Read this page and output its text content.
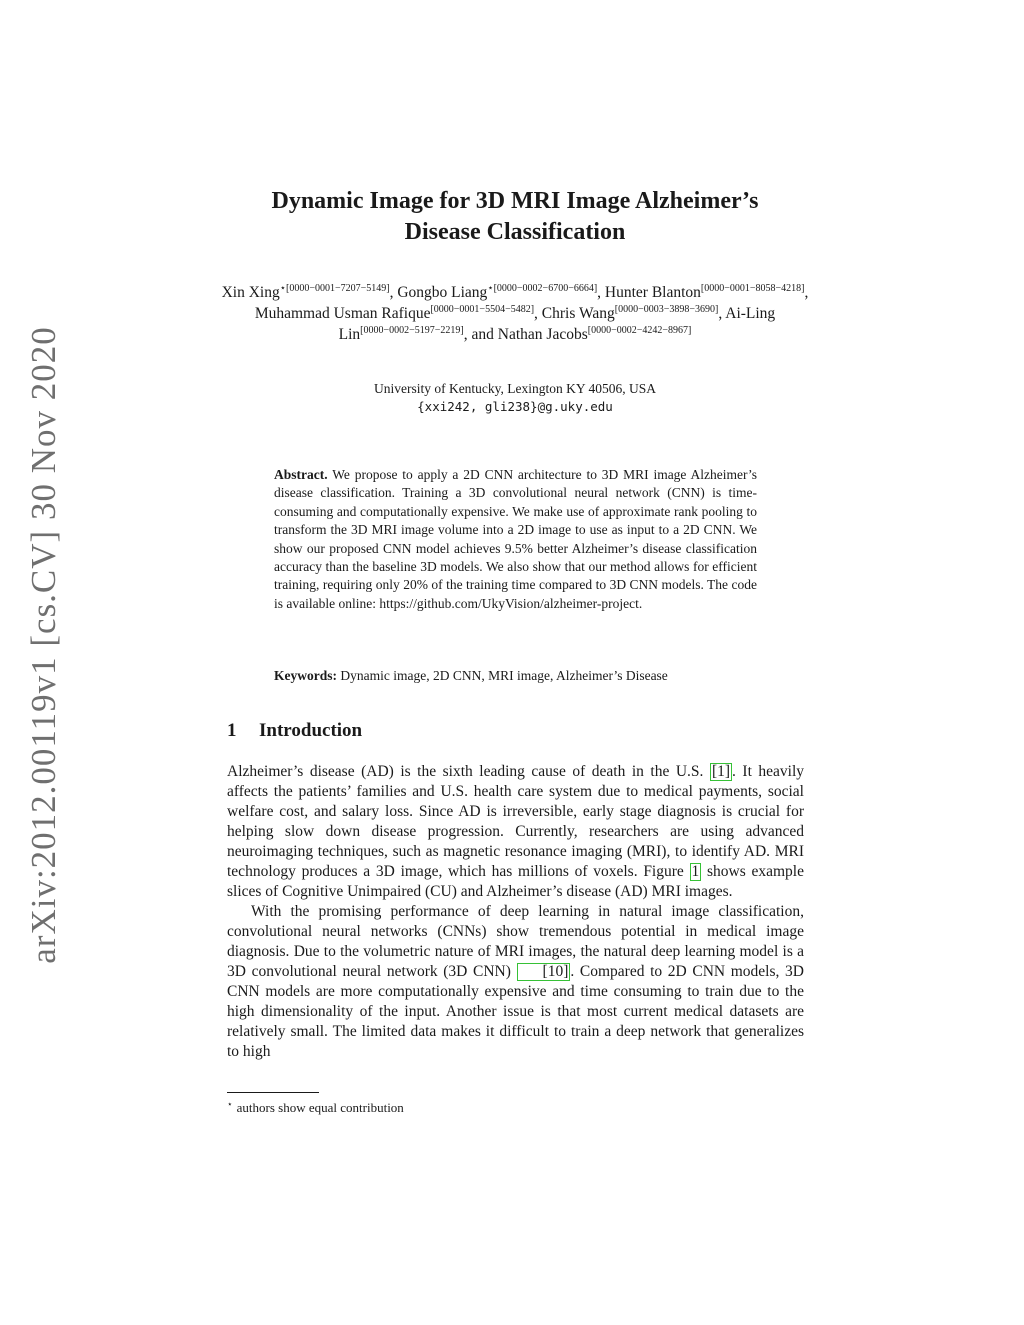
arXiv:2012.00119v1 [cs.CV] 30 Nov 2020
Dynamic Image for 3D MRI Image Alzheimer’s
Disease Classification
Xin Xing$^{⋆[0000-0001-7207-5149]}$, Gongbo Liang$^{⋆[0000-0002-6700-6664]}$, Hunter Blanton[0000−0001−8058−4218], Muhammad Usman Rafique[0000−0001−5504−5482], Chris Wang[0000−0003−3898−3690], Ai-Ling Lin[0000−0002−5197−2219], and Nathan Jacobs[0000−0002−4242−8967]
University of Kentucky, Lexington KY 40506, USA
{xxi242, gli238}@g.uky.edu
Abstract. We propose to apply a 2D CNN architecture to 3D MRI image Alzheimer’s disease classification. Training a 3D convolutional neural network (CNN) is time-consuming and computationally expensive. We make use of approximate rank pooling to transform the 3D MRI image volume into a 2D image to use as input to a 2D CNN. We show our proposed CNN model achieves 9.5% better Alzheimer’s disease classification accuracy than the baseline 3D models. We also show that our method allows for efficient training, requiring only 20% of the training time compared to 3D CNN models. The code is available online: https://github.com/UkyVision/alzheimer-project.
Keywords: Dynamic image, 2D CNN, MRI image, Alzheimer’s Disease
1 Introduction

Alzheimer’s disease (AD) is the sixth leading cause of death in the U.S. [1] . It heavily affects the patients’ families and U.S. health care system due to medical payments, social welfare cost, and salary loss. Since AD is irreversible, early stage diagnosis is crucial for helping slow down disease progression. Currently, researchers are using advanced neuroimaging techniques, such as magnetic resonance imaging (MRI), to identify AD. MRI technology produces a 3D image, which has millions of voxels. Figure 1 shows example slices of Cognitive Unimpaired (CU) and Alzheimer’s disease (AD) MRI images.

With the promising performance of deep learning in natural image classification, convolutional neural networks (CNNs) show tremendous potential in medical image diagnosis. Due to the volumetric nature of MRI images, the natural deep learning model is a 3D convolutional neural network (3D CNN) [10] . Compared to 2D CNN models, 3D CNN models are more computationally expensive and time consuming to train due to the high dimensionality of the input. Another issue is that most current medical datasets are relatively small. The limited data makes it difficult to train a deep network that generalizes to high

⋆ authors show equal contribution
